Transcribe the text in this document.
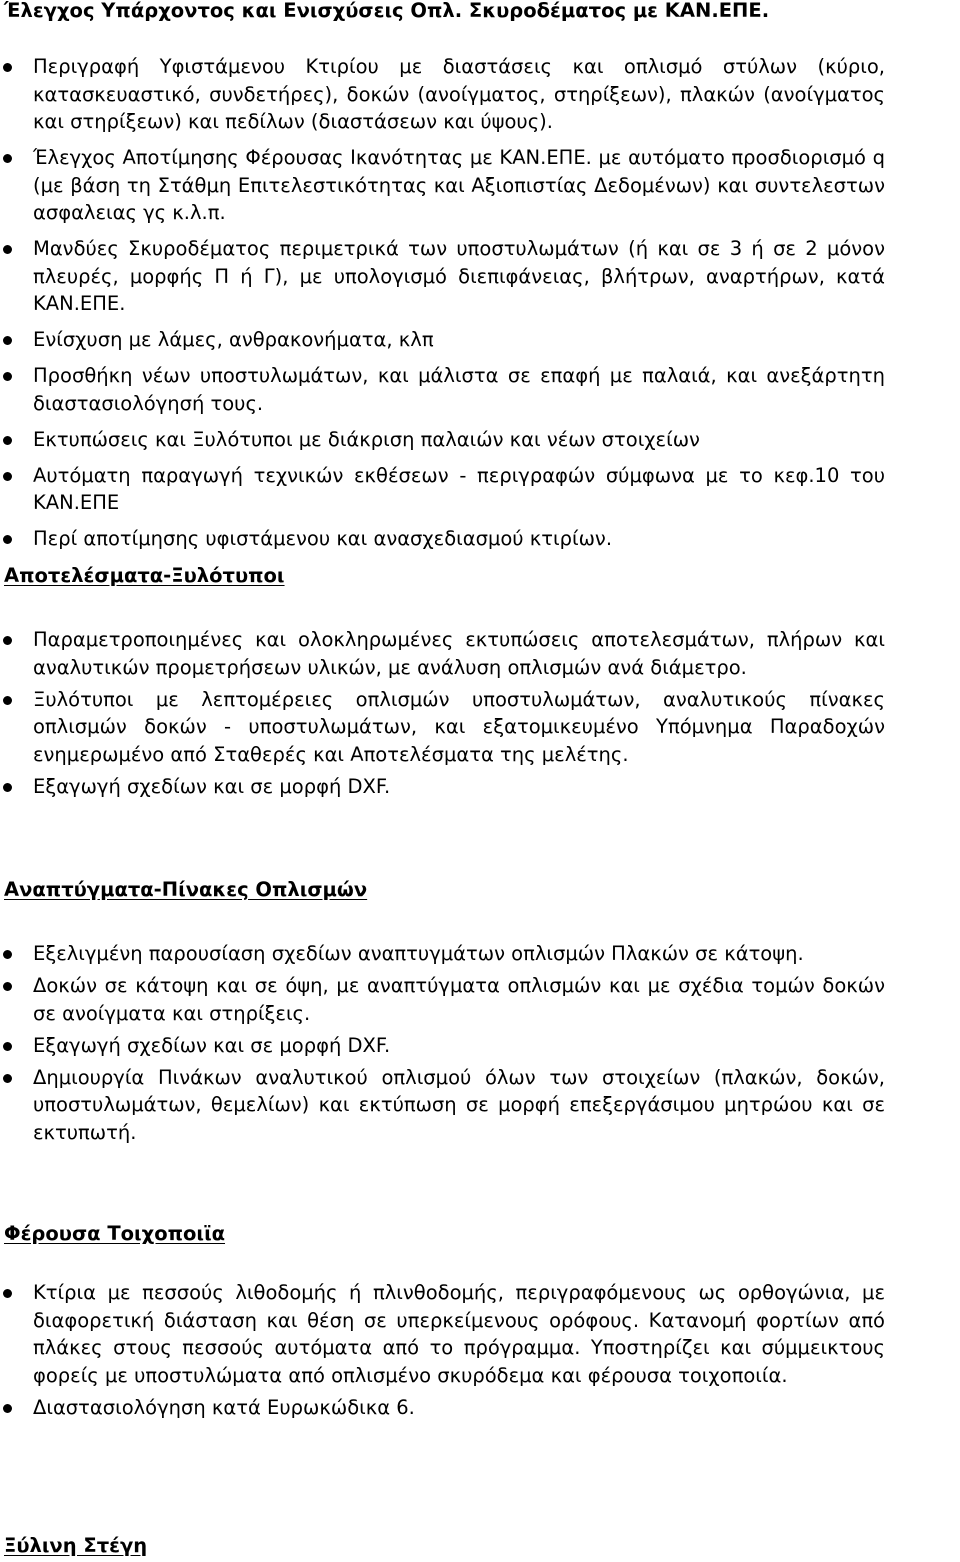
Έλεγχος Υπάρχοντος και Ενισχύσεις Οπλ. Σκυροδέματος με ΚΑΝ.ΕΠΕ.
Περιγραφή Υφιστάμενου Κτιρίου με διαστάσεις και οπλισμό στύλων (κύριο, κατασκευαστικό, συνδετήρες), δοκών (ανοίγματος, στηρίξεων), πλακών (ανοίγματος και στηρίξεων) και πεδίλων (διαστάσεων και ύψους).
Έλεγχος Αποτίμησης Φέρουσας Ικανότητας με ΚΑΝ.ΕΠΕ. με αυτόματο προσδιορισμό q (με βάση τη Στάθμη Επιτελεστικότητας και Αξιοπιστίας Δεδομένων) και συντελεστων ασφαλειας γς κ.λ.π.
Μανδύες Σκυροδέματος περιμετρικά των υποστυλωμάτων (ή και σε 3 ή σε 2 μόνον πλευρές, μορφής Π ή Γ), με υπολογισμό διεπιφάνειας, βλήτρων, αναρτήρων, κατά ΚΑΝ.ΕΠΕ.
Ενίσχυση με λάμες, ανθρακονήματα, κλπ
Προσθήκη νέων υποστυλωμάτων, και μάλιστα σε επαφή με παλαιά, και ανεξάρτητη διαστασιολόγησή τους.
Εκτυπώσεις και Ξυλότυποι με διάκριση παλαιών και νέων στοιχείων
Αυτόματη παραγωγή τεχνικών εκθέσεων - περιγραφών σύμφωνα με το κεφ.10 του ΚΑΝ.ΕΠΕ
Περί αποτίμησης υφιστάμενου και ανασχεδιασμού κτιρίων.
Αποτελέσματα-Ξυλότυποι
Παραμετροποιημένες και ολοκληρωμένες εκτυπώσεις αποτελεσμάτων, πλήρων και αναλυτικών προμετρήσεων υλικών, με ανάλυση οπλισμών ανά διάμετρο.
Ξυλότυποι με λεπτομέρειες οπλισμών υποστυλωμάτων, αναλυτικούς πίνακες οπλισμών δοκών - υποστυλωμάτων, και εξατομικευμένο Υπόμνημα Παραδοχών ενημερωμένο από Σταθερές και Αποτελέσματα της μελέτης.
Εξαγωγή σχεδίων και σε μορφή DXF.
Αναπτύγματα-Πίνακες Οπλισμών
Εξελιγμένη παρουσίαση σχεδίων αναπτυγμάτων οπλισμών Πλακών σε κάτοψη.
Δοκών σε κάτοψη και σε όψη, με αναπτύγματα οπλισμών και με σχέδια τομών δοκών σε ανοίγματα και στηρίξεις.
Εξαγωγή σχεδίων και σε μορφή DXF.
Δημιουργία Πινάκων αναλυτικού οπλισμού όλων των στοιχείων (πλακών, δοκών, υποστυλωμάτων, θεμελίων) και εκτύπωση σε μορφή επεξεργάσιμου μητρώου και σε εκτυπωτή.
Φέρουσα Τοιχοποιϊα
Κτίρια με πεσσούς λιθοδομής ή πλινθοδομής, περιγραφόμενους ως ορθογώνια, με διαφορετική διάσταση και θέση σε υπερκείμενους ορόφους. Κατανομή φορτίων από πλάκες στους πεσσούς αυτόματα από το πρόγραμμα. Υποστηρίζει και σύμμεικτους φορείς με υποστυλώματα από οπλισμένο σκυρόδεμα και φέρουσα τοιχοποιία.
Διαστασιολόγηση κατά Ευρωκώδικα 6.
Ξύλινη Στέγη
